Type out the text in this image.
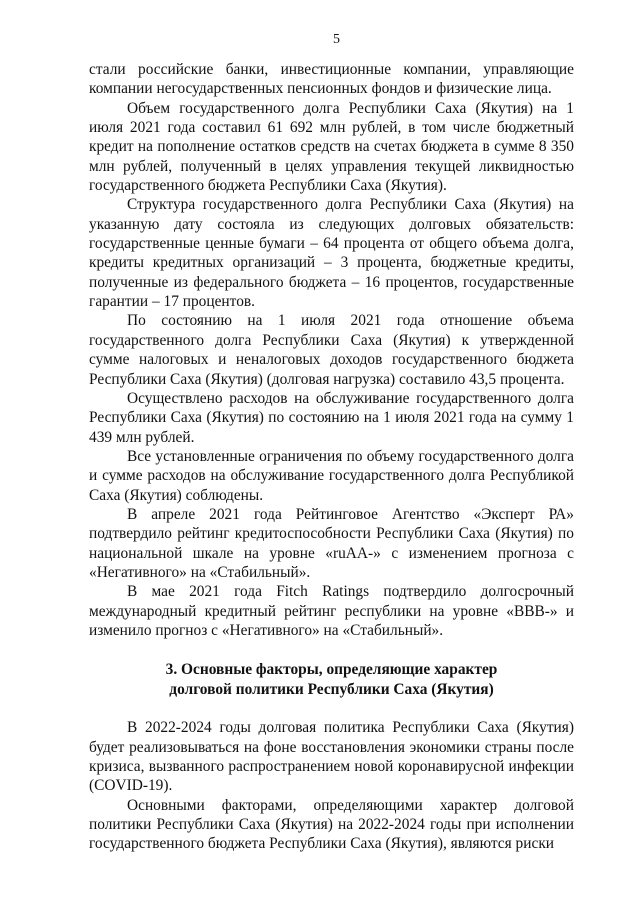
5

стали российские банки, инвестиционные компании, управляющие компании негосударственных пенсионных фондов и физические лица.

Объем государственного долга Республики Саха (Якутия) на 1 июля 2021 года составил 61 692 млн рублей, в том числе бюджетный кредит на пополнение остатков средств на счетах бюджета в сумме 8 350 млн рублей, полученный в целях управления текущей ликвидностью государственного бюджета Республики Саха (Якутия).

Структура государственного долга Республики Саха (Якутия) на указанную дату состояла из следующих долговых обязательств: государственные ценные бумаги – 64 процента от общего объема долга, кредиты кредитных организаций – 3 процента, бюджетные кредиты, полученные из федерального бюджета – 16 процентов, государственные гарантии – 17 процентов.

По состоянию на 1 июля 2021 года отношение объема государственного долга Республики Саха (Якутия) к утвержденной сумме налоговых и неналоговых доходов государственного бюджета Республики Саха (Якутия) (долговая нагрузка) составило 43,5 процента.

Осуществлено расходов на обслуживание государственного долга Республики Саха (Якутия) по состоянию на 1 июля 2021 года на сумму 1 439 млн рублей.

Все установленные ограничения по объему государственного долга и сумме расходов на обслуживание государственного долга Республикой Саха (Якутия) соблюдены.

В апреле 2021 года Рейтинговое Агентство «Эксперт РА» подтвердило рейтинг кредитоспособности Республики Саха (Якутия) по национальной шкале на уровне «ruAA-» с изменением прогноза с «Негативного» на «Стабильный».

В мае 2021 года Fitch Ratings подтвердило долгосрочный международный кредитный рейтинг республики на уровне «BBB-» и изменило прогноз с «Негативного» на «Стабильный».

3. Основные факторы, определяющие характер
долговой политики Республики Саха (Якутия)

В 2022-2024 годы долговая политика Республики Саха (Якутия) будет реализовываться на фоне восстановления экономики страны после кризиса, вызванного распространением новой коронавирусной инфекции (COVID-19).

Основными факторами, определяющими характер долговой политики Республики Саха (Якутия) на 2022-2024 годы при исполнении государственного бюджета Республики Саха (Якутия), являются риски
